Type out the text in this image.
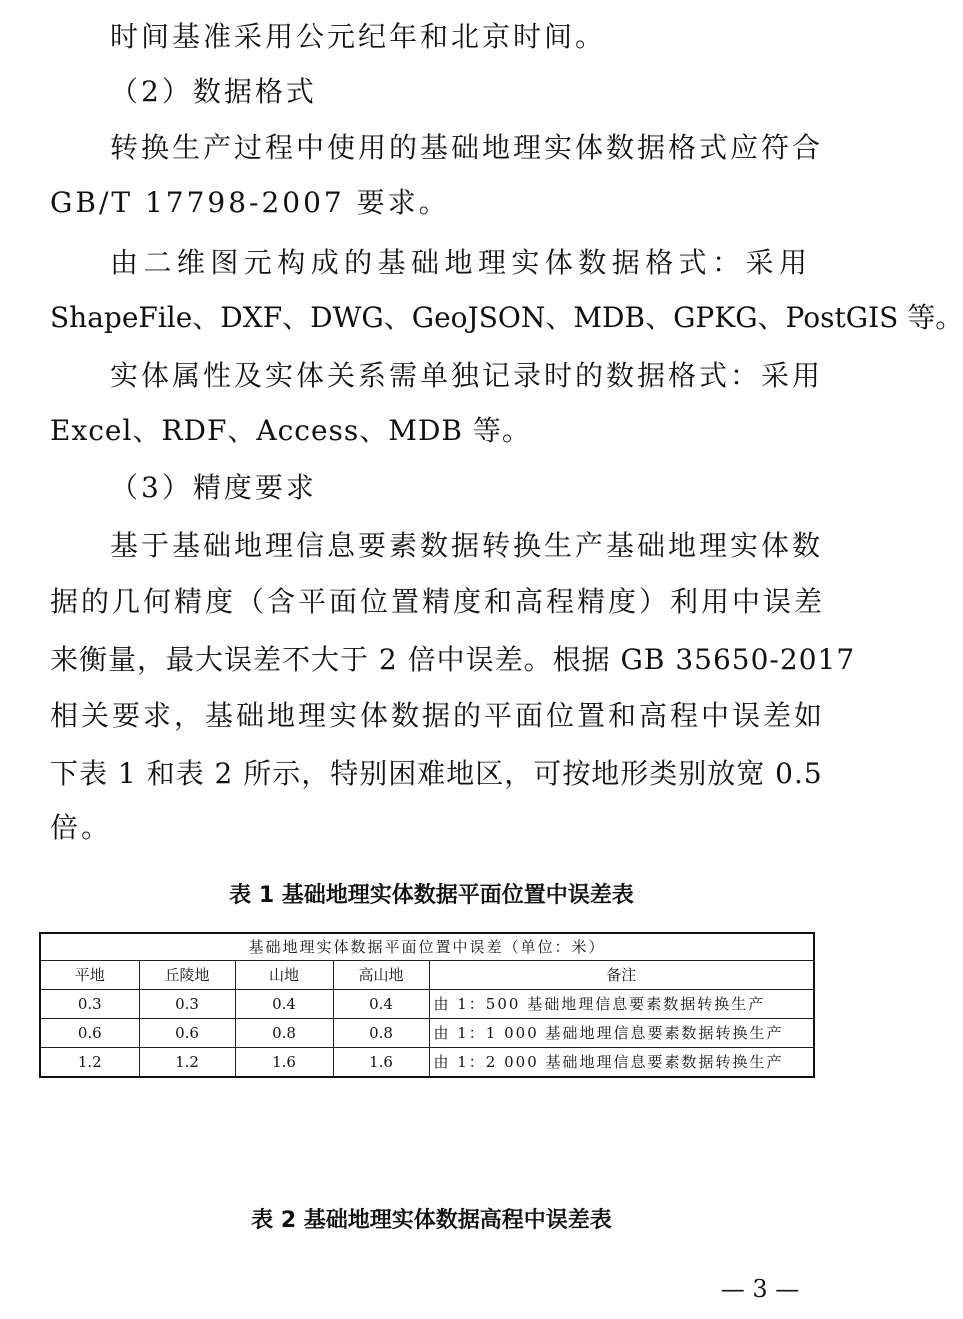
时间基准采用公元纪年和北京时间。
（2）数据格式
转换生产过程中使用的基础地理实体数据格式应符合
GB/T 17798-2007 要求。
由二维图元构成的基础地理实体数据格式：采用
ShapeFile、DXF、DWG、GeoJSON、MDB、GPKG、PostGIS 等。
实体属性及实体关系需单独记录时的数据格式：采用
Excel、RDF、Access、MDB 等。
（3）精度要求
基于基础地理信息要素数据转换生产基础地理实体数
据的几何精度（含平面位置精度和高程精度）利用中误差
来衡量，最大误差不大于 2 倍中误差。根据 GB 35650-2017
相关要求，基础地理实体数据的平面位置和高程中误差如
下表 1 和表 2 所示，特别困难地区，可按地形类别放宽 0.5
倍。
表 1 基础地理实体数据平面位置中误差表
基础地理实体数据平面位置中误差（单位：米）				
平地	丘陵地	山地	高山地	备注
0.3	0.3	0.4	0.4	由 1：500 基础地理信息要素数据转换生产
0.6	0.6	0.8	0.8	由 1：1 000 基础地理信息要素数据转换生产
1.2	1.2	1.6	1.6	由 1：2 000 基础地理信息要素数据转换生产
表 2 基础地理实体数据高程中误差表
— 3 —
